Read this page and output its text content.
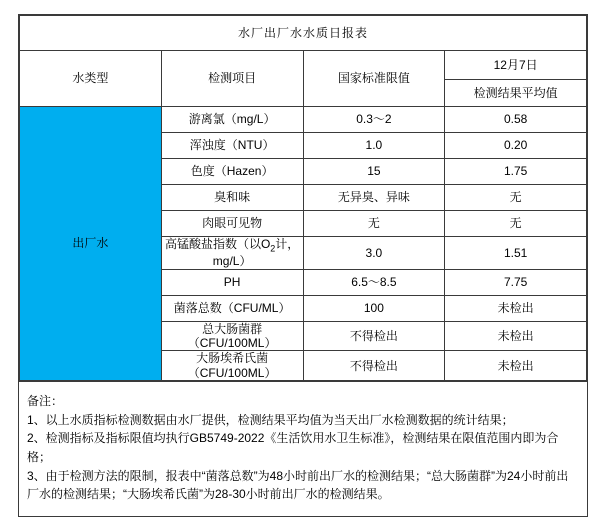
水厂出厂水水质日报表			
水类型	检测项目	国家标准限值	12月7日
			检测结果平均值
出厂水	游离氯（mg/L）	0.3～2	0.58
	浑浊度（NTU）	1.0	0.20
	色度（Hazen）	15	1.75
	臭和味	无异臭、异味	无
	肉眼可见物	无	无
	高锰酸盐指数（以$O_2$计，mg/L）	3.0	1.51
	PH	6.5～8.5	7.75
	菌落总数（CFU/ML）	100	未检出
	总大肠菌群（CFU/100ML）	不得检出	未检出
	大肠埃希氏菌（CFU/100ML）	不得检出	未检出
备注：
1、以上水质指标检测数据由水厂提供，检测结果平均值为当天出厂水检测数据的统计结果；
2、检测指标及指标限值均执行GB5749-2022《生活饮用水卫生标准》，检测结果在限值范围内即为合格；
3、由于检测方法的限制，报表中“菌落总数”为48小时前出厂水的检测结果；“总大肠菌群”为24小时前出厂水的检测结果；“大肠埃希氏菌”为28-30小时前出厂水的检测结果。
